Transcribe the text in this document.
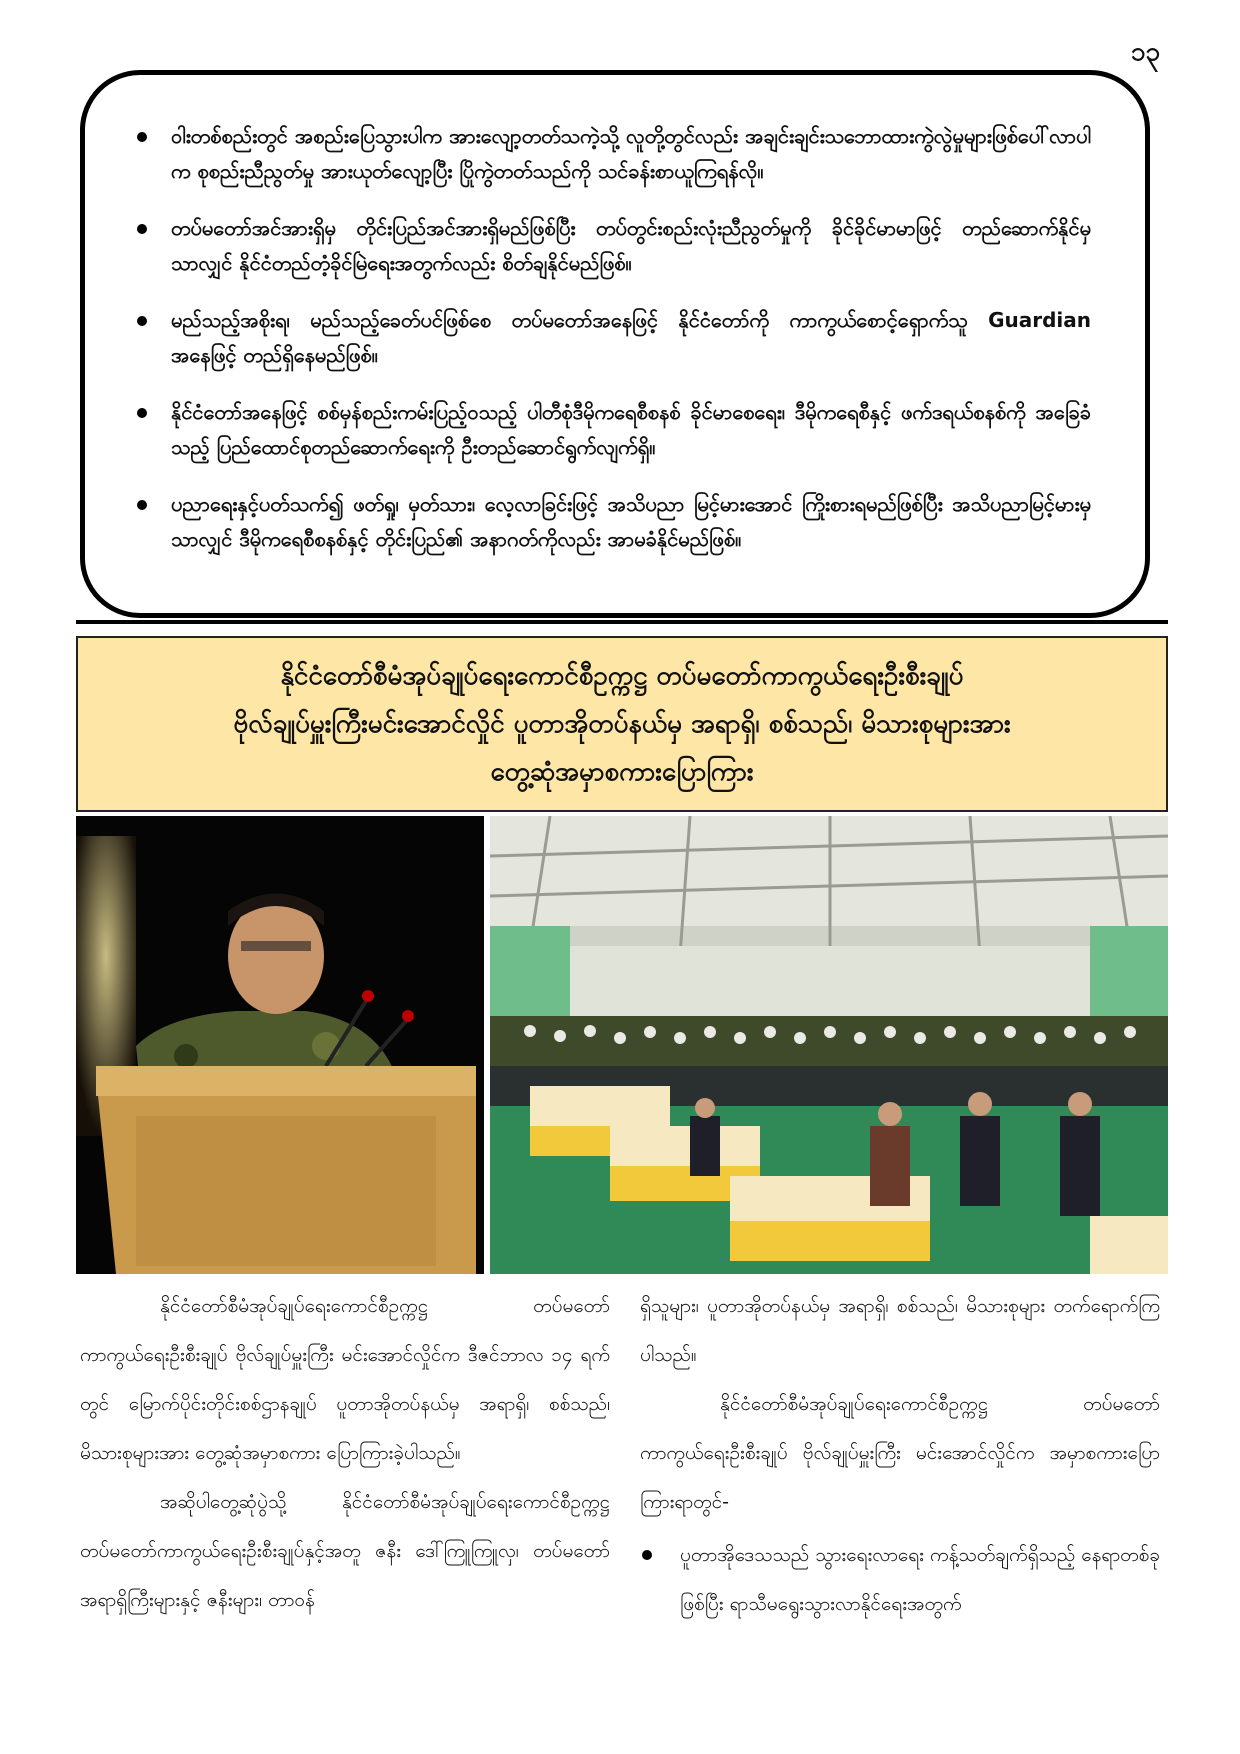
၁၃
ဝါးတစ်စည်းတွင် အစည်းပြေသွားပါက အားလျော့တတ်သကဲ့သို့ လူတို့တွင်လည်း အချင်းချင်းသဘောထားကွဲလွဲမှုများဖြစ်ပေါ်လာပါက စုစည်းညီညွတ်မှု အားယုတ်လျော့ပြီး ပြိုကွဲတတ်သည်ကို သင်ခန်းစာယူကြရန်လို။
တပ်မတော်အင်အားရှိမှ တိုင်းပြည်အင်အားရှိမည်ဖြစ်ပြီး တပ်တွင်းစည်းလုံးညီညွတ်မှုကို ခိုင်ခိုင်မာမာဖြင့် တည်ဆောက်နိုင်မှသာလျှင် နိုင်ငံတည်တံ့ခိုင်မြဲရေးအတွက်လည်း စိတ်ချနိုင်မည်ဖြစ်။
မည်သည့်အစိုးရ၊ မည်သည့်ခေတ်ပင်ဖြစ်စေ တပ်မတော်အနေဖြင့် နိုင်ငံတော်ကို ကာကွယ်စောင့်ရှောက်သူ Guardian အနေဖြင့် တည်ရှိနေမည်ဖြစ်။
နိုင်ငံတော်အနေဖြင့် စစ်မှန်စည်းကမ်းပြည့်ဝသည့် ပါတီစုံဒီမိုကရေစီစနစ် ခိုင်မာစေရေး၊ ဒီမိုကရေစီနှင့် ဖက်ဒရယ်စနစ်ကို အခြေခံသည့် ပြည်ထောင်စုတည်ဆောက်ရေးကို ဦးတည်ဆောင်ရွက်လျက်ရှိ။
ပညာရေးနှင့်ပတ်သက်၍ ဖတ်ရှု၊ မှတ်သား၊ လေ့လာခြင်းဖြင့် အသိပညာ မြင့်မားအောင် ကြိုးစားရမည်ဖြစ်ပြီး အသိပညာမြင့်မားမှသာလျှင် ဒီမိုကရေစီစနစ်နှင့် တိုင်းပြည်၏ အနာဂတ်ကိုလည်း အာမခံနိုင်မည်ဖြစ်။
နိုင်ငံတော်စီမံအုပ်ချုပ်ရေးကောင်စီဥက္ကဋ္ဌ တပ်မတော်ကာကွယ်ရေးဦးစီးချုပ်
ဗိုလ်ချုပ်မှူးကြီးမင်းအောင်လှိုင် ပူတာအိုတပ်နယ်မှ အရာရှိ၊ စစ်သည်၊ မိသားစုများအား
တွေ့ဆုံအမှာစကားပြောကြား

နိုင်ငံတော်စီမံအုပ်ချုပ်ရေးကောင်စီဥက္ကဋ္ဌ တပ်မတော်ကာကွယ်ရေးဦးစီးချုပ် ဗိုလ်ချုပ်မှူးကြီး မင်းအောင်လှိုင်က ဒီဇင်ဘာလ ၁၄ ရက်တွင် မြောက်ပိုင်းတိုင်းစစ်ဌာနချုပ် ပူတာအိုတပ်နယ်မှ အရာရှိ၊ စစ်သည်၊ မိသားစုများအား တွေ့ဆုံအမှာစကား ပြောကြားခဲ့ပါသည်။

အဆိုပါတွေ့ဆုံပွဲသို့ နိုင်ငံတော်စီမံအုပ်ချုပ်ရေးကောင်စီဥက္ကဋ္ဌ တပ်မတော်ကာကွယ်ရေးဦးစီးချုပ်နှင့်အတူ ဇနီး ဒေါ်ကြူကြူလှ၊ တပ်မတော်အရာရှိကြီးများနှင့် ဇနီးများ၊ တာဝန်

ရှိသူများ၊ ပူတာအိုတပ်နယ်မှ အရာရှိ၊ စစ်သည်၊ မိသားစုများ တက်ရောက်ကြပါသည်။

နိုင်ငံတော်စီမံအုပ်ချုပ်ရေးကောင်စီဥက္ကဋ္ဌ တပ်မတော်ကာကွယ်ရေးဦးစီးချုပ် ဗိုလ်ချုပ်မှူးကြီး မင်းအောင်လှိုင်က အမှာစကားပြောကြားရာတွင်-

ပူတာအိုဒေသသည် သွားရေးလာရေး ကန့်သတ်ချက်ရှိသည့် နေရာတစ်ခုဖြစ်ပြီး ရာသီမရွေးသွားလာနိုင်ရေးအတွက်
